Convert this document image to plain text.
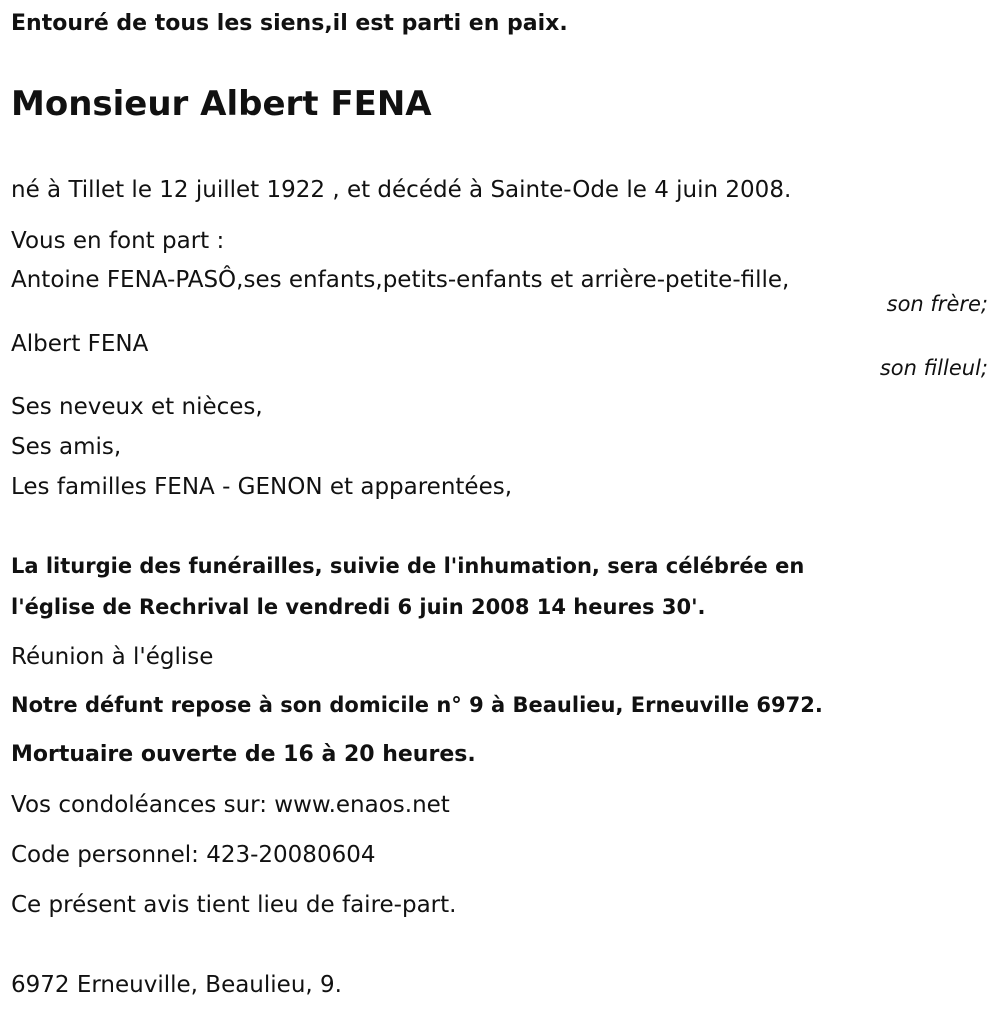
Entouré de tous les siens,il est parti en paix.

Monsieur Albert FENA

né à Tillet le 12 juillet 1922 , et décédé à Sainte-Ode le 4 juin 2008.

Vous en font part :

Antoine FENA-PASÔ,ses enfants,petits-enfants et arrière-petite-fille,

son frère;

Albert FENA

son filleul;

Ses neveux et nièces,

Ses amis,

Les familles FENA - GENON et apparentées,

La liturgie des funérailles, suivie de l'inhumation, sera célébrée en

l'église de Rechrival le vendredi 6 juin 2008 14 heures 30'.

Réunion à l'église

Notre défunt repose à son domicile n° 9 à Beaulieu, Erneuville 6972.

Mortuaire ouverte de 16 à 20 heures.

Vos condoléances sur: www.enaos.net

Code personnel: 423-20080604

Ce présent avis tient lieu de faire-part.

6972 Erneuville, Beaulieu, 9.
